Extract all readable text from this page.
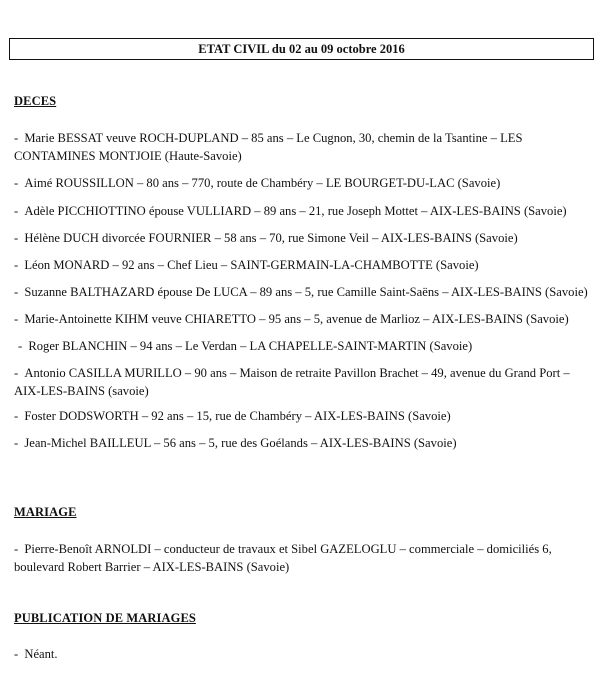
ETAT CIVIL du 02 au 09 octobre 2016
DECES
- Marie BESSAT veuve ROCH-DUPLAND – 85 ans – Le Cugnon, 30, chemin de la Tsantine – LES CONTAMINES MONTJOIE (Haute-Savoie)
- Aimé ROUSSILLON – 80 ans – 770, route de Chambéry – LE BOURGET-DU-LAC (Savoie)
- Adèle PICCHIOTTINO épouse VULLIARD – 89 ans – 21, rue Joseph Mottet – AIX-LES-BAINS (Savoie)
- Hélène DUCH divorcée FOURNIER – 58 ans – 70, rue Simone Veil – AIX-LES-BAINS (Savoie)
- Léon MONARD – 92 ans – Chef Lieu – SAINT-GERMAIN-LA-CHAMBOTTE (Savoie)
- Suzanne BALTHAZARD épouse De LUCA – 89 ans – 5, rue Camille Saint-Saëns – AIX-LES-BAINS (Savoie)
- Marie-Antoinette KIHM veuve CHIARETTO – 95 ans – 5, avenue de Marlioz – AIX-LES-BAINS (Savoie)
- Roger BLANCHIN – 94 ans – Le Verdan – LA CHAPELLE-SAINT-MARTIN (Savoie)
- Antonio CASILLA MURILLO – 90 ans – Maison de retraite Pavillon Brachet – 49, avenue du Grand Port – AIX-LES-BAINS (savoie)
- Foster DODSWORTH – 92 ans – 15, rue de Chambéry – AIX-LES-BAINS (Savoie)
- Jean-Michel BAILLEUL – 56 ans – 5, rue des Goélands – AIX-LES-BAINS (Savoie)
MARIAGE
- Pierre-Benoît ARNOLDI – conducteur de travaux et Sibel GAZELOGLU – commerciale – domiciliés 6, boulevard Robert Barrier – AIX-LES-BAINS (Savoie)
PUBLICATION DE MARIAGES
- Néant.
